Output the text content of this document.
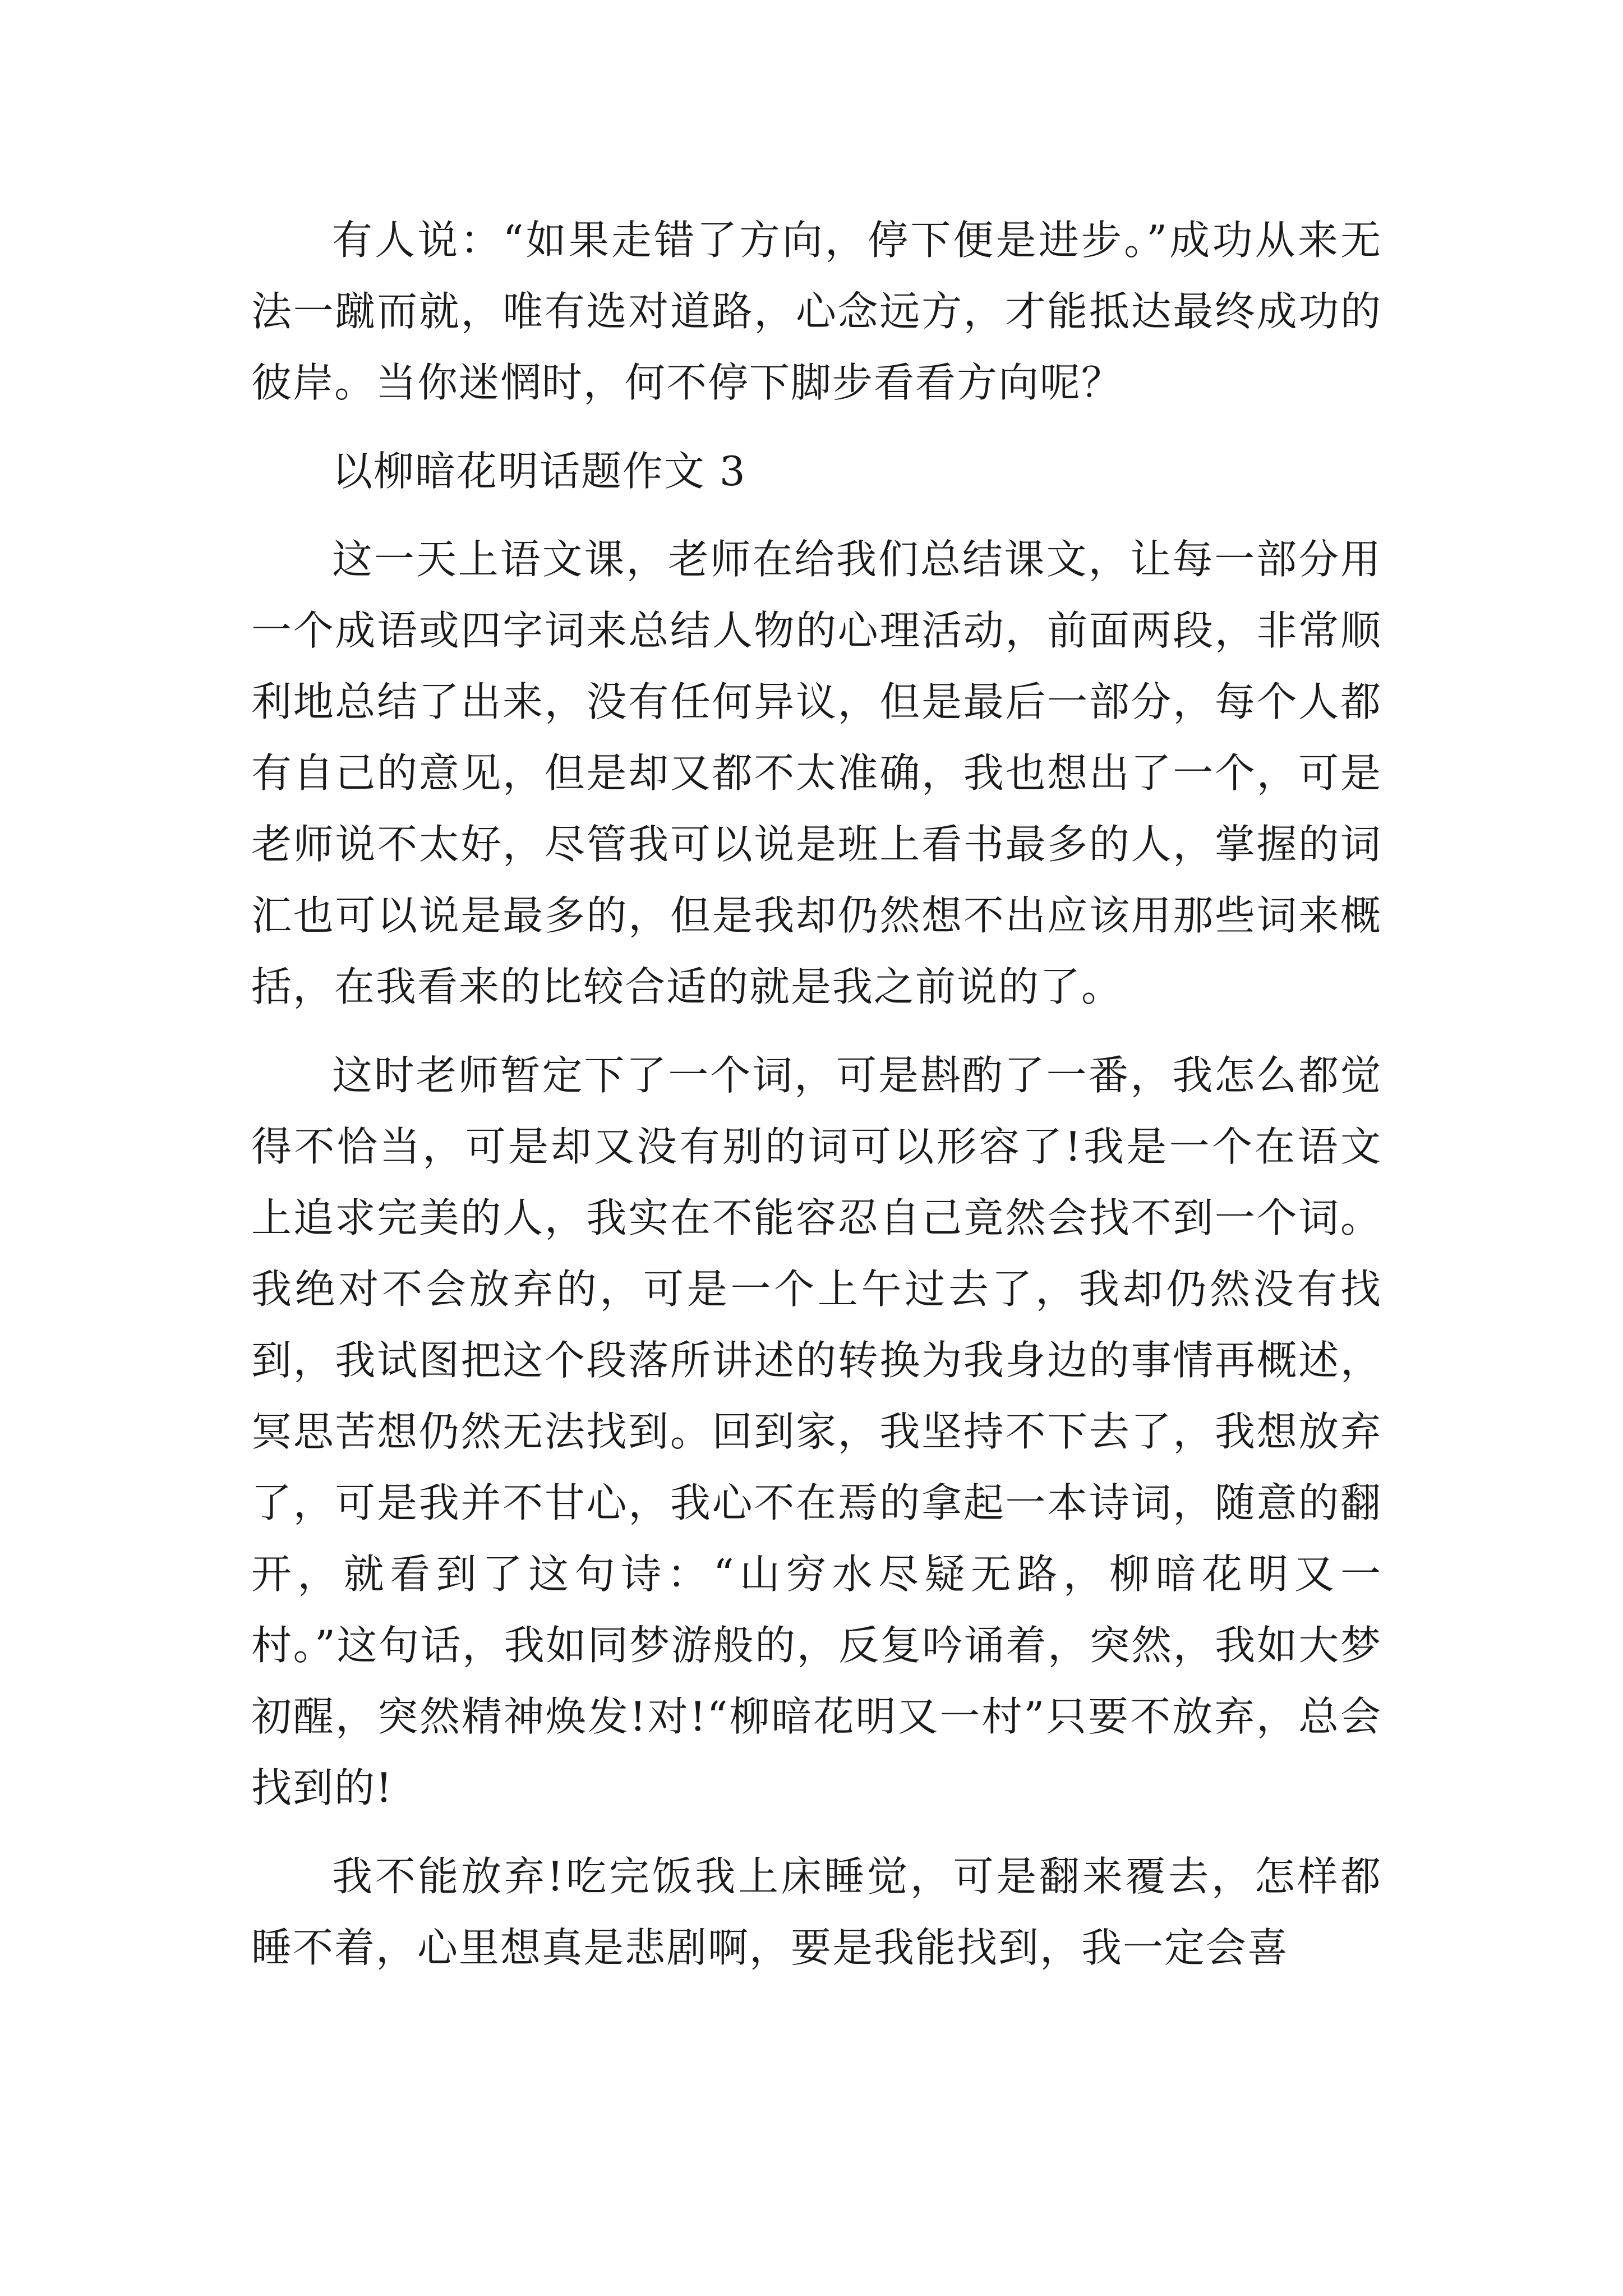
有人说：“如果走错了方向，停下便是进步。”成功从来无法一蹴而就，唯有选对道路，心念远方，才能抵达最终成功的彼岸。当你迷惘时，何不停下脚步看看方向呢？

以柳暗花明话题作文 3

这一天上语文课，老师在给我们总结课文，让每一部分用一个成语或四字词来总结人物的心理活动，前面两段，非常顺利地总结了出来，没有任何异议，但是最后一部分，每个人都有自己的意见，但是却又都不太准确，我也想出了一个，可是老师说不太好，尽管我可以说是班上看书最多的人，掌握的词汇也可以说是最多的，但是我却仍然想不出应该用那些词来概括，在我看来的比较合适的就是我之前说的了。

这时老师暂定下了一个词，可是斟酌了一番，我怎么都觉得不恰当，可是却又没有别的词可以形容了!我是一个在语文上追求完美的人，我实在不能容忍自己竟然会找不到一个词。我绝对不会放弃的，可是一个上午过去了，我却仍然没有找到，我试图把这个段落所讲述的转换为我身边的事情再概述，冥思苦想仍然无法找到。回到家，我坚持不下去了，我想放弃了，可是我并不甘心，我心不在焉的拿起一本诗词，随意的翻开，就看到了这句诗：“山穷水尽疑无路，柳暗花明又一村。”这句话，我如同梦游般的，反复吟诵着，突然，我如大梦初醒，突然精神焕发!对!“柳暗花明又一村”只要不放弃，总会找到的!

我不能放弃!吃完饭我上床睡觉，可是翻来覆去，怎样都睡不着，心里想真是悲剧啊，要是我能找到，我一定会喜
